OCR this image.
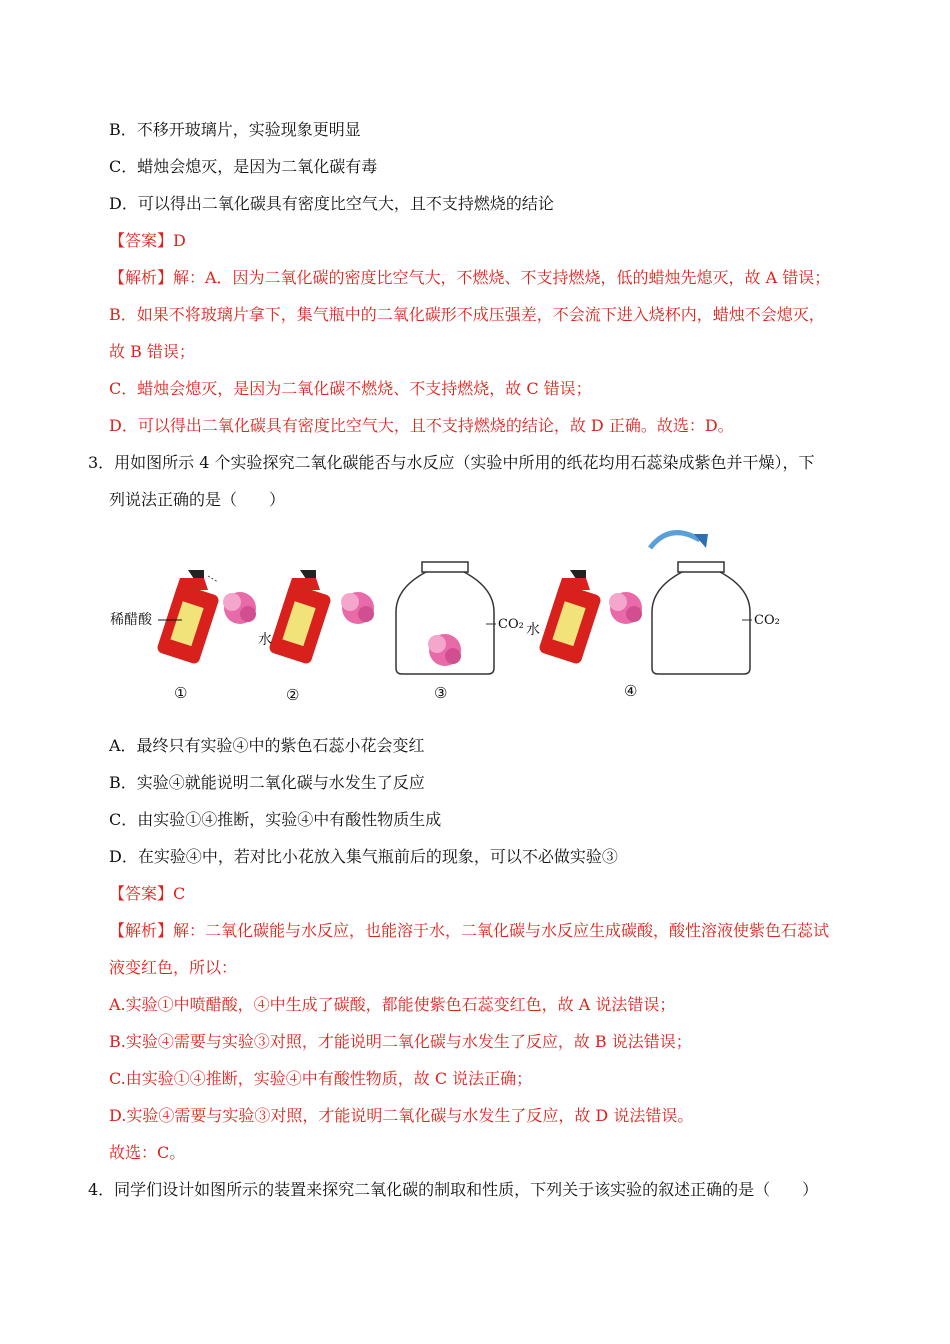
B．不移开玻璃片，实验现象更明显
C．蜡烛会熄灭，是因为二氧化碳有毒
D．可以得出二氧化碳具有密度比空气大，且不支持燃烧的结论
【答案】D
【解析】解：A．因为二氧化碳的密度比空气大，不燃烧、不支持燃烧，低的蜡烛先熄灭，故 A 错误；
B．如果不将玻璃片拿下，集气瓶中的二氧化碳形不成压强差，不会流下进入烧杯内，蜡烛不会熄灭，
故 B 错误；
C．蜡烛会熄灭，是因为二氧化碳不燃烧、不支持燃烧，故 C 错误；
D．可以得出二氧化碳具有密度比空气大，且不支持燃烧的结论，故 D 正确。故选：D。
3．用如图所示 4 个实验探究二氧化碳能否与水反应（实验中所用的纸花均用石蕊染成紫色并干燥），下
列说法正确的是（　　）
稀醋酸
①
水
②
CO₂
③
水
④
CO₂
A．最终只有实验④中的紫色石蕊小花会变红
B．实验④就能说明二氧化碳与水发生了反应
C．由实验①④推断，实验④中有酸性物质生成
D．在实验④中，若对比小花放入集气瓶前后的现象，可以不必做实验③
【答案】C
【解析】解：二氧化碳能与水反应，也能溶于水，二氧化碳与水反应生成碳酸，酸性溶液使紫色石蕊试
液变红色，所以：
A.实验①中喷醋酸，④中生成了碳酸，都能使紫色石蕊变红色，故 A 说法错误；
B.实验④需要与实验③对照，才能说明二氧化碳与水发生了反应，故 B 说法错误；
C.由实验①④推断，实验④中有酸性物质，故 C 说法正确；
D.实验④需要与实验③对照，才能说明二氧化碳与水发生了反应，故 D 说法错误。
故选：C。
4．同学们设计如图所示的装置来探究二氧化碳的制取和性质，下列关于该实验的叙述正确的是（　　）
